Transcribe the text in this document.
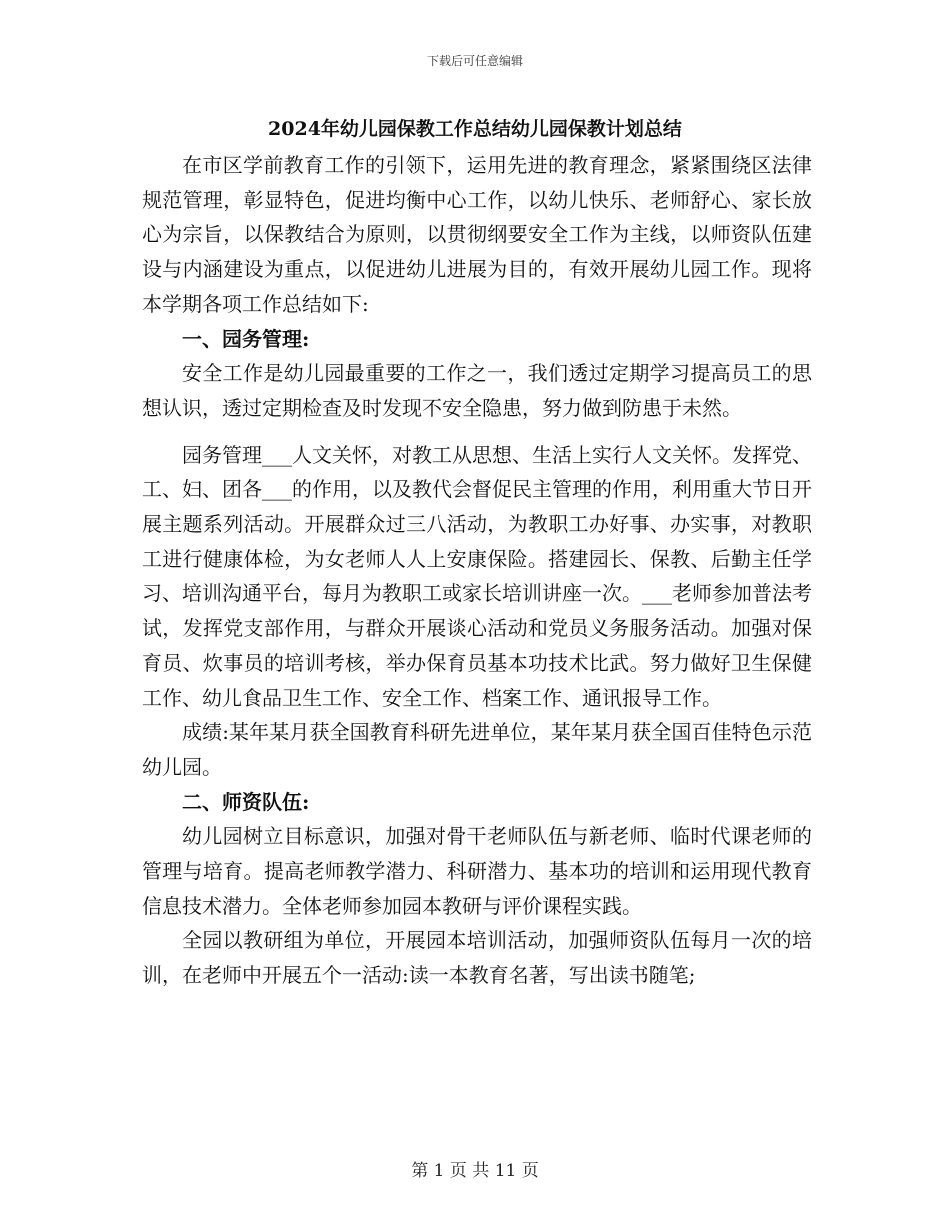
下载后可任意编辑
2024年幼儿园保教工作总结幼儿园保教计划总结

在市区学前教育工作的引领下，运用先进的教育理念，紧紧围绕区法律规范管理，彰显特色，促进均衡中心工作，以幼儿快乐、老师舒心、家长放心为宗旨，以保教结合为原则，以贯彻纲要安全工作为主线，以师资队伍建设与内涵建设为重点，以促进幼儿进展为目的，有效开展幼儿园工作。现将本学期各项工作总结如下:

一、园务管理:

安全工作是幼儿园最重要的工作之一，我们透过定期学习提高员工的思想认识，透过定期检查及时发现不安全隐患，努力做到防患于未然。

园务管理___人文关怀，对教工从思想、生活上实行人文关怀。发挥党、工、妇、团各___的作用，以及教代会督促民主管理的作用，利用重大节日开展主题系列活动。开展群众过三八活动，为教职工办好事、办实事，对教职工进行健康体检，为女老师人人上安康保险。搭建园长、保教、后勤主任学习、培训沟通平台，每月为教职工或家长培训讲座一次。___老师参加普法考试，发挥党支部作用，与群众开展谈心活动和党员义务服务活动。加强对保育员、炊事员的培训考核，举办保育员基本功技术比武。努力做好卫生保健工作、幼儿食品卫生工作、安全工作、档案工作、通讯报导工作。

成绩:某年某月获全国教育科研先进单位，某年某月获全国百佳特色示范幼儿园。

二、师资队伍:

幼儿园树立目标意识，加强对骨干老师队伍与新老师、临时代课老师的管理与培育。提高老师教学潜力、科研潜力、基本功的培训和运用现代教育信息技术潜力。全体老师参加园本教研与评价课程实践。

全园以教研组为单位，开展园本培训活动，加强师资队伍每月一次的培训，在老师中开展五个一活动:读一本教育名著，写出读书随笔;

第 1 页 共 11 页
